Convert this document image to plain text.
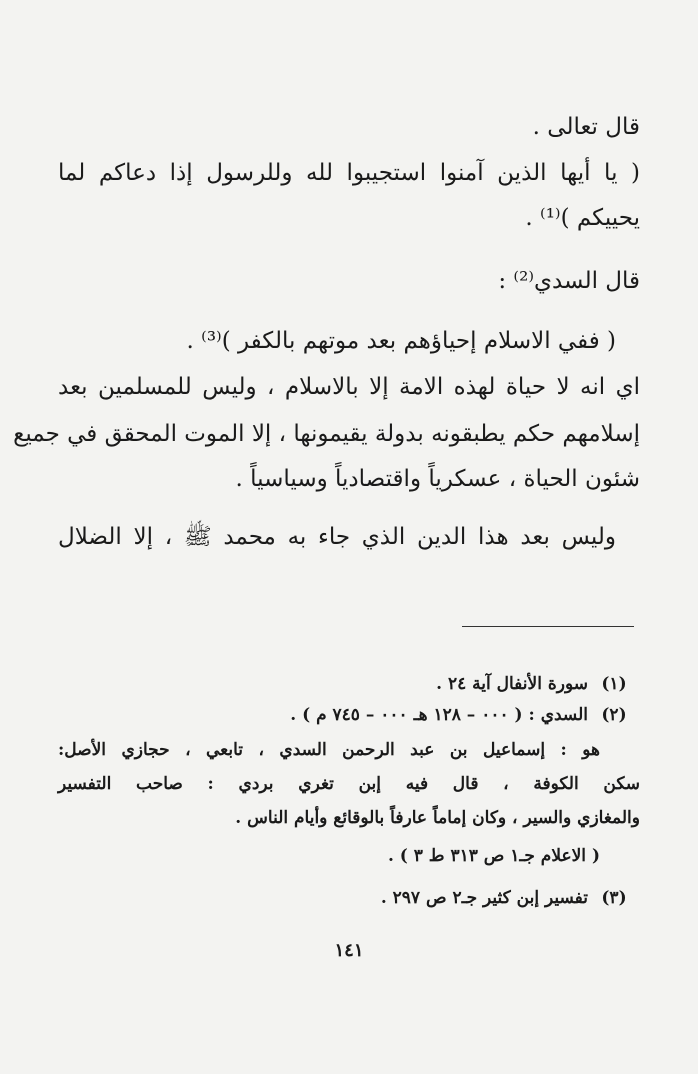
قال تعالى .
( يا أيها الذين آمنوا استجيبوا لله وللرسول إذا دعاكم لما
يحييكم )⁽¹⁾ .
قال السدي⁽²⁾ :
( ففي الاسلام إحياؤهم بعد موتهم بالكفر )⁽³⁾ .
اي انه لا حياة لهذه الامة إلا بالاسلام ، وليس للمسلمين بعد
إسلامهم حكم يطبقونه بدولة يقيمونها ، إلا الموت المحقق في جميع
شئون الحياة ، عسكرياً واقتصادياً وسياسياً .
وليس بعد هذا الدين الذي جاء به محمد ﷺ ، إلا الضلال
(١)
سورة الأنفال آية ٢٤ .
(٢)
السدي : ( ٠٠٠ – ١٢٨ هـ ٠٠٠ – ٧٤٥ م ) .
هو : إسماعيل بن عبد الرحمن السدي ، تابعي ، حجازي الأصل:
سكن الكوفة ، قال فيه إبن تغري بردي : صاحب التفسير
والمغازي والسير ، وكان إماماً عارفاً بالوقائع وأيام الناس .
( الاعلام جـ١ ص ٣١٣ ط ٣ ) .
(٣)
تفسير إبن كثير جـ٢ ص ٢٩٧ .
١٤١
